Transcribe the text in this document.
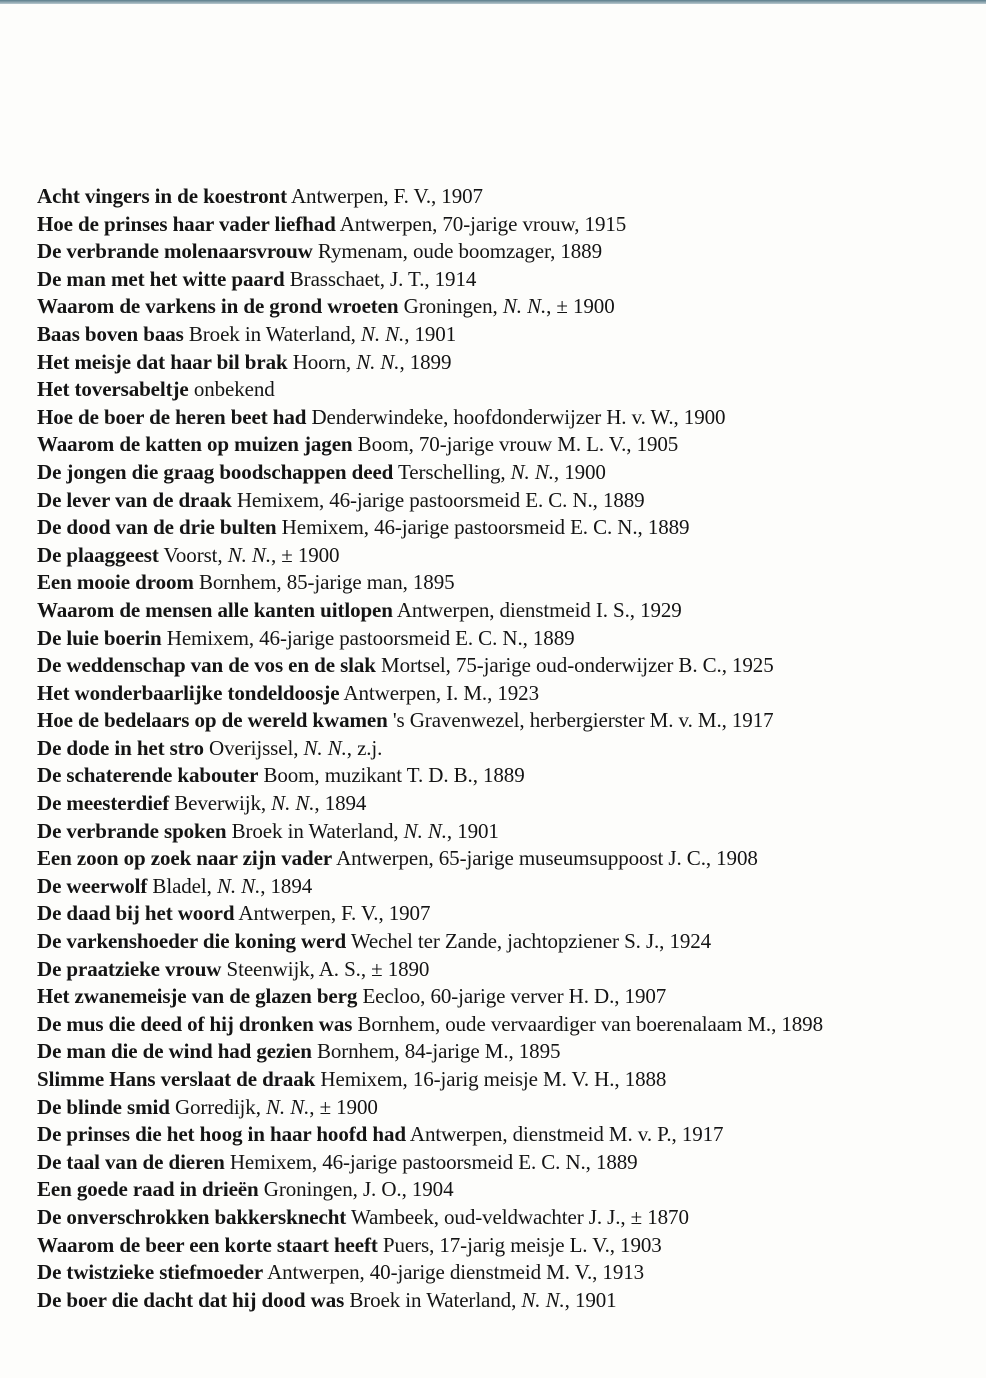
Acht vingers in de koestront Antwerpen, F. V., 1907
Hoe de prinses haar vader liefhad Antwerpen, 70-jarige vrouw, 1915
De verbrande molenaarsvrouw Rymenam, oude boomzager, 1889
De man met het witte paard Brasschaet, J. T., 1914
Waarom de varkens in de grond wroeten Groningen, N. N., ± 1900
Baas boven baas Broek in Waterland, N. N., 1901
Het meisje dat haar bil brak Hoorn, N. N., 1899
Het toversabeltje onbekend
Hoe de boer de heren beet had Denderwindeke, hoofdonderwijzer H. v. W., 1900
Waarom de katten op muizen jagen Boom, 70-jarige vrouw M. L. V., 1905
De jongen die graag boodschappen deed Terschelling, N. N., 1900
De lever van de draak Hemixem, 46-jarige pastoorsmeid E. C. N., 1889
De dood van de drie bulten Hemixem, 46-jarige pastoorsmeid E. C. N., 1889
De plaaggeest Voorst, N. N., ± 1900
Een mooie droom Bornhem, 85-jarige man, 1895
Waarom de mensen alle kanten uitlopen Antwerpen, dienstmeid I. S., 1929
De luie boerin Hemixem, 46-jarige pastoorsmeid E. C. N., 1889
De weddenschap van de vos en de slak Mortsel, 75-jarige oud-onderwijzer B. C., 1925
Het wonderbaarlijke tondeldoosje Antwerpen, I. M., 1923
Hoe de bedelaars op de wereld kwamen 's Gravenwezel, herbergierster M. v. M., 1917
De dode in het stro Overijssel, N. N., z.j.
De schaterende kabouter Boom, muzikant T. D. B., 1889
De meesterdief Beverwijk, N. N., 1894
De verbrande spoken Broek in Waterland, N. N., 1901
Een zoon op zoek naar zijn vader Antwerpen, 65-jarige museumsuppoost J. C., 1908
De weerwolf Bladel, N. N., 1894
De daad bij het woord Antwerpen, F. V., 1907
De varkenshoeder die koning werd Wechel ter Zande, jachtopziener S. J., 1924
De praatzieke vrouw Steenwijk, A. S., ± 1890
Het zwanemeisje van de glazen berg Eecloo, 60-jarige verver H. D., 1907
De mus die deed of hij dronken was Bornhem, oude vervaardiger van boerenalaam M., 1898
De man die de wind had gezien Bornhem, 84-jarige M., 1895
Slimme Hans verslaat de draak Hemixem, 16-jarig meisje M. V. H., 1888
De blinde smid Gorredijk, N. N., ± 1900
De prinses die het hoog in haar hoofd had Antwerpen, dienstmeid M. v. P., 1917
De taal van de dieren Hemixem, 46-jarige pastoorsmeid E. C. N., 1889
Een goede raad in drieën Groningen, J. O., 1904
De onverschrokken bakkersknecht Wambeek, oud-veldwachter J. J., ± 1870
Waarom de beer een korte staart heeft Puers, 17-jarig meisje L. V., 1903
De twistzieke stiefmoeder Antwerpen, 40-jarige dienstmeid M. V., 1913
De boer die dacht dat hij dood was Broek in Waterland, N. N., 1901
